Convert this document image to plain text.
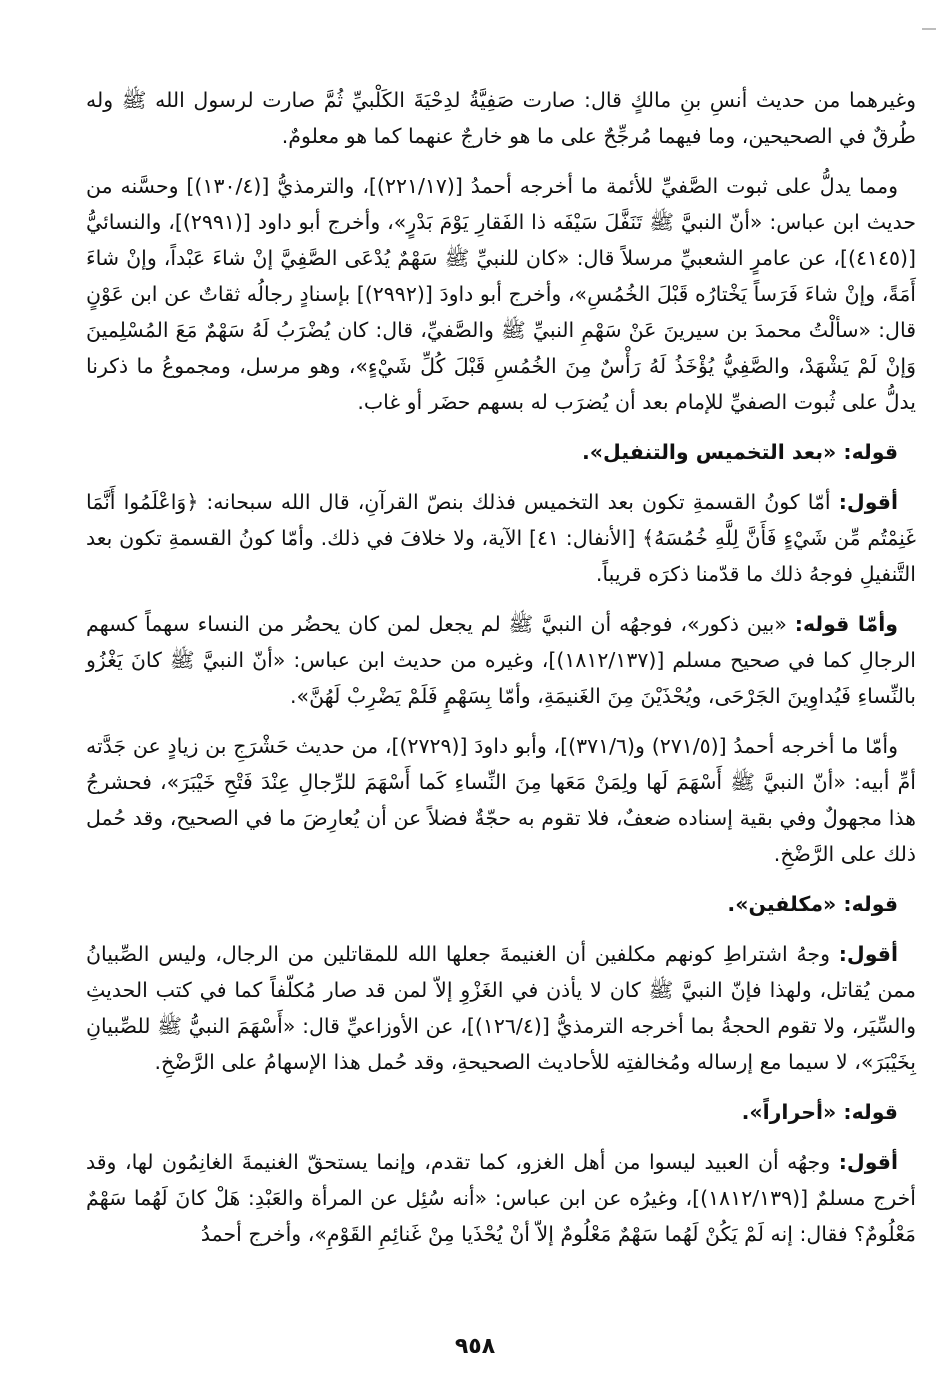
وغيرهما من حديث أنسِ بنِ مالكٍ قال: صارت صَفِيَّةُ لدِحْيَةَ الكَلْبيِّ ثُمَّ صارت لرسول الله ﷺ وله طُرقٌ في الصحيحين، وما فيهما مُرجِّحٌ على ما هو خارجٌ عنهما كما هو معلومٌ.

ومما يدلُّ على ثبوت الصَّفيِّ للأئمة ما أخرجه أحمدُ [(٢٢١/١٧)]، والترمذيُّ [(١٣٠/٤)] وحسَّنه من حديث ابن عباس: «أنّ النبيَّ ﷺ تَنَفَّلَ سَيْفَه ذا الفَقارِ يَوْمَ بَدْرٍ»، وأخرج أبو داود [(٢٩٩١)]، والنسائيُّ [(٤١٤٥)]، عن عامرٍ الشعبيِّ مرسلاً قال: «كان للنبيِّ ﷺ سَهْمٌ يُدْعَى الصَّفِيَّ إنْ شاءَ عَبْداً، وإنْ شاءَ أَمَةً، وإنْ شاءَ فَرَساً يَخْتارُه قَبْلَ الخُمُسِ»، وأخرج أبو داودَ [(٢٩٩٢)] بإسنادٍ رجالُه ثقاتٌ عن ابن عَوْنٍ قال: «سألْتُ محمدَ بن سيرينَ عَنْ سَهْمِ النبيِّ ﷺ والصَّفيِّ، قال: كان يُضْرَبُ لَهُ سَهْمٌ مَعَ المُسْلِمينَ وَإنْ لَمْ يَشْهَدْ، والصَّفِيُّ يُؤْخَذُ لَهُ رَأْسٌ مِنَ الخُمُسِ قَبْلَ كُلِّ شَيْءٍ»، وهو مرسل، ومجموعُ ما ذكرنا يدلُّ على ثُبوت الصفيِّ للإمام بعد أن يُضرَب له بسهم حضَر أو غاب.

قوله: «بعد التخميس والتنفيل».

أقول: أمّا كونُ القسمةِ تكون بعد التخميس فذلك بنصّ القرآنِ، قال الله سبحانه: ﴿وَاعْلَمُوا أَنَّمَا غَنِمْتُم مِّن شَيْءٍ فَأَنَّ لِلَّهِ خُمُسَهُ﴾ [الأنفال: ٤١] الآية، ولا خلافَ في ذلك. وأمّا كونُ القسمةِ تكون بعد التَّنفيلِ فوجهُ ذلك ما قدّمنا ذكرَه قريباً.

وأمّا قوله: «بين ذكور»، فوجهُه أن النبيَّ ﷺ لم يجعل لمن كان يحضُر من النساء سهماً كسهم الرجالِ كما في صحيح مسلم [(١٨١٢/١٣٧)]، وغيره من حديث ابن عباس: «أنّ النبيَّ ﷺ كانَ يَغْزُو بالنِّساءِ فَيُداوِينَ الجَرْحَى، ويُحْذَيْنَ مِنَ الغَنيمَةِ، وأمّا بِسَهْمٍ فَلَمْ يَضْرِبْ لَهُنَّ».

وأمّا ما أخرجه أحمدُ [(٢٧١/٥) و(٣٧١/٦)]، وأبو داودَ [(٢٧٢٩)]، من حديث حَشْرَجِ بن زيادٍ عن جَدَّته أمِّ أبيه: «أنّ النبيَّ ﷺ أَسْهَمَ لَها ولِمَنْ مَعَها مِنَ النِّساءِ كَما أَسْهَمَ للرِّجالِ عِنْدَ فَتْحِ خَيْبَرَ»، فحشرجُ هذا مجهولٌ وفي بقية إسناده ضعفٌ، فلا تقوم به حجّةٌ فضلاً عن أن يُعارِضَ ما في الصحيح، وقد حُمل ذلك على الرَّضْخِ.

قوله: «مكلفين».

أقول: وجهُ اشتراطِ كونهم مكلفين أن الغنيمةَ جعلها الله للمقاتلين من الرجال، وليس الصِّبيانُ ممن يُقاتل، ولهذا فإنّ النبيَّ ﷺ كان لا يأذن في الغَزْوِ إلاّ لمن قد صار مُكلّفاً كما في كتب الحديثِ والسِّيَر، ولا تقوم الحجةُ بما أخرجه الترمذيُّ [(١٢٦/٤)]، عن الأوزاعيِّ قال: «أَسْهَمَ النبيُّ ﷺ للصِّبيانِ بِخَيْبَرَ»، لا سيما مع إرساله ومُخالفتِه للأحاديث الصحيحةِ، وقد حُمل هذا الإسهامُ على الرَّضْخِ.

قوله: «أحراراً».

أقول: وجهُه أن العبيد ليسوا من أهل الغزو، كما تقدم، وإنما يستحقّ الغنيمةَ الغانِمُون لها، وقد أخرج مسلمٌ [(١٨١٢/١٣٩)]، وغيرُه عن ابن عباس: «أنه سُئِل عن المرأة والعَبْدِ: هَلْ كانَ لَهُما سَهْمٌ مَعْلُومٌ؟ فقال: إنه لَمْ يَكُنْ لَهُما سَهْمٌ مَعْلُومٌ إلاّ أنْ يُحْذَيا مِنْ غَنائِمِ القَوْمِ»، وأخرج أحمدُ

٩٥٨
